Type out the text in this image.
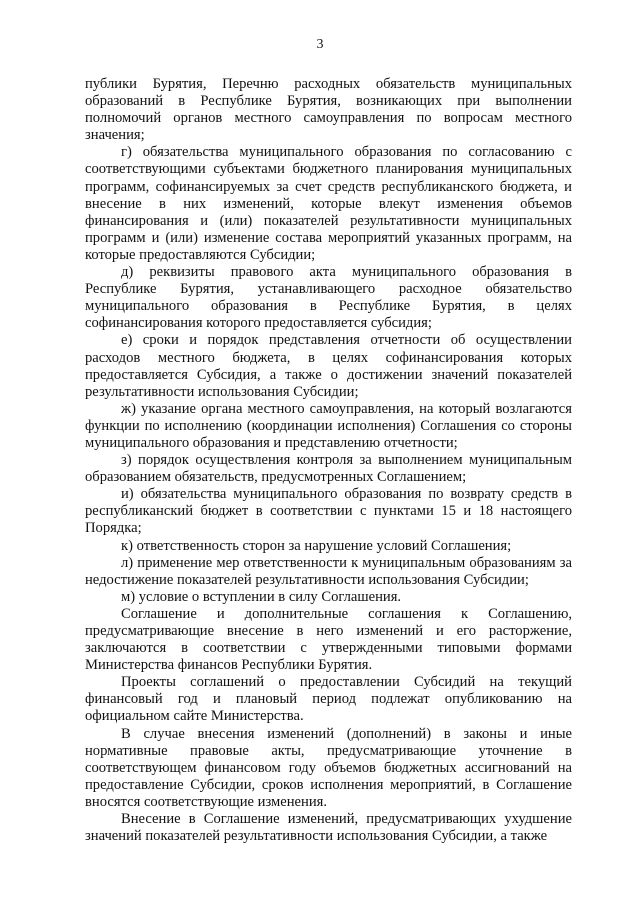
3

публики Бурятия, Перечню расходных обязательств муниципальных образований в Республике Бурятия, возникающих при выполнении полномочий органов местного самоуправления по вопросам местного значения;

г) обязательства муниципального образования по согласованию с соответствующими субъектами бюджетного планирования муниципальных программ, софинансируемых за счет средств республиканского бюджета, и внесение в них изменений, которые влекут изменения объемов финансирования и (или) показателей результативности муниципальных программ и (или) изменение состава мероприятий указанных программ, на которые предоставляются Субсидии;

д) реквизиты правового акта муниципального образования в Республике Бурятия, устанавливающего расходное обязательство муниципального образования в Республике Бурятия, в целях софинансирования которого предоставляется субсидия;

е) сроки и порядок представления отчетности об осуществлении расходов местного бюджета, в целях софинансирования которых предоставляется Субсидия, а также о достижении значений показателей результативности использования Субсидии;

ж) указание органа местного самоуправления, на который возлагаются функции по исполнению (координации исполнения) Соглашения со стороны муниципального образования и представлению отчетности;

з) порядок осуществления контроля за выполнением муниципальным образованием обязательств, предусмотренных Соглашением;

и) обязательства муниципального образования по возврату средств в республиканский бюджет в соответствии с пунктами 15 и 18 настоящего Порядка;

к) ответственность сторон за нарушение условий Соглашения;

л) применение мер ответственности к муниципальным образованиям за недостижение показателей результативности использования Субсидии;

м) условие о вступлении в силу Соглашения.

Соглашение и дополнительные соглашения к Соглашению, предусматривающие внесение в него изменений и его расторжение, заключаются в соответствии с утвержденными типовыми формами Министерства финансов Республики Бурятия.

Проекты соглашений о предоставлении Субсидий на текущий финансовый год и плановый период подлежат опубликованию на официальном сайте Министерства.

В случае внесения изменений (дополнений) в законы и иные нормативные правовые акты, предусматривающие уточнение в соответствующем финансовом году объемов бюджетных ассигнований на предоставление Субсидии, сроков исполнения мероприятий, в Соглашение вносятся соответствующие изменения.

Внесение в Соглашение изменений, предусматривающих ухудшение значений показателей результативности использования Субсидии, а также
